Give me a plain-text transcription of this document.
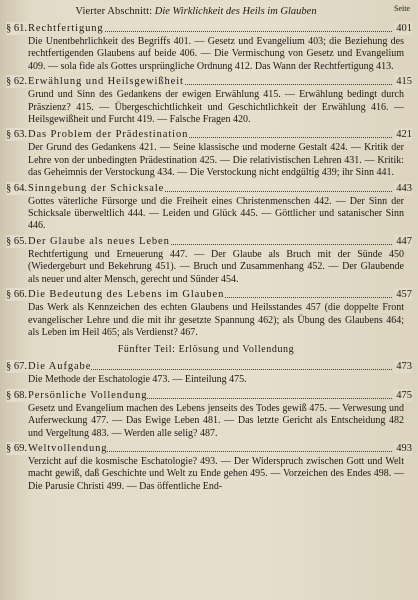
Vierter Abschnitt: Die Wirklichkeit des Heils im Glauben	Seite
§ 61.Rechtfertigung	401
Die Unentbehrlichkeit des Begriffs 401. — Gesetz und Evangelium 403; die Beziehung des rechtfertigenden Glaubens auf beide 406. — Die Vermischung von Gesetz und Evangelium 409. — sola fide als Gottes ursprüngliche Ordnung 412. Das Wann der Rechtfertigung 413.
§ 62.Erwählung und Heilsgewißheit	415
Grund und Sinn des Gedankens der ewigen Erwählung 415. — Erwählung bedingt durch Präszienz? 415. — Übergeschichtlichkeit und Geschichtlichkeit der Erwählung 416. — Heilsgewißheit und Furcht 419. — Falsche Fragen 420.
§ 63.Das Problem der Prädestination	421
Der Grund des Gedankens 421. — Seine klassische und moderne Gestalt 424. — Kritik der Lehre von der unbedingten Prädestination 425. — Die relativistischen Lehren 431. — Kritik: das Geheimnis der Verstockung 434. — Die Verstockung nicht endgültig 439; ihr Sinn 441.
§ 64.Sinngebung der Schicksale	443
Gottes väterliche Fürsorge und die Freiheit eines Christenmenschen 442. — Der Sinn der Schicksale überweltlich 444. — Leiden und Glück 445. — Göttlicher und satanischer Sinn 446.
§ 65.Der Glaube als neues Leben	447
Rechtfertigung und Erneuerung 447. — Der Glaube als Bruch mit der Sünde 450 (Wiedergeburt und Bekehrung 451). — Bruch und Zusammenhang 452. — Der Glaubende als neuer und alter Mensch, gerecht und Sünder 454.
§ 66.Die Bedeutung des Lebens im Glauben	457
Das Werk als Kennzeichen des echten Glaubens und Heilsstandes 457 (die doppelte Front evangelischer Lehre und die mit ihr gesetzte Spannung 462); als Übung des Glaubens 464; als Leben im Heil 465; als Verdienst? 467.
Fünfter Teil: Erlösung und Vollendung
§ 67.Die Aufgabe	473
Die Methode der Eschatologie 473. — Einteilung 475.
§ 68.Persönliche Vollendung	475
Gesetz und Evangelium machen des Lebens jenseits des Todes gewiß 475. — Verwesung und Auferweckung 477. — Das Ewige Leben 481. — Das letzte Gericht als Entscheidung 482 und Vergeltung 483. — Werden alle selig? 487.
§ 69.Weltvollendung	493
Verzicht auf die kosmische Eschatologie? 493. — Der Widerspruch zwischen Gott und Welt macht gewiß, daß Geschichte und Welt zu Ende gehen 495. — Vorzeichen des Endes 498. — Die Parusie Christi 499. — Das öffentliche End-
